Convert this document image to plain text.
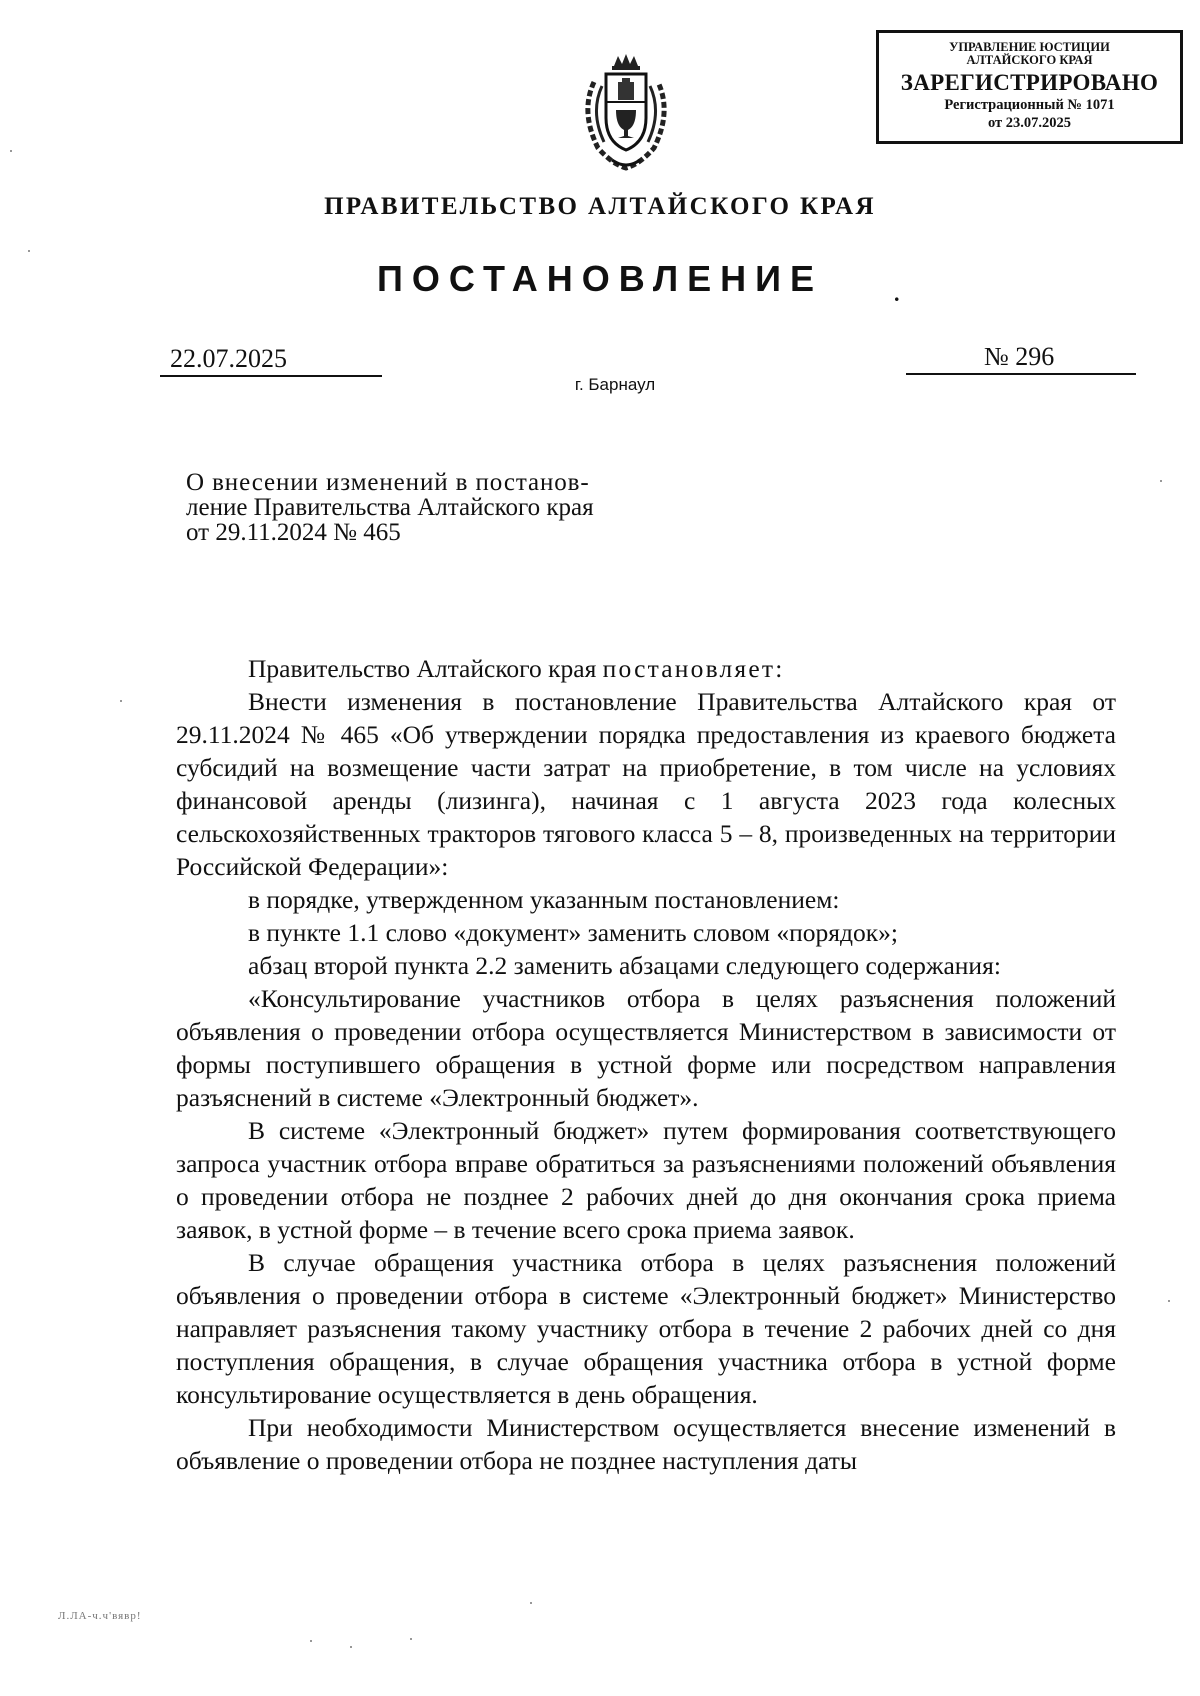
УПРАВЛЕНИЕ ЮСТИЦИИ
АЛТАЙСКОГО КРАЯ
ЗАРЕГИСТРИРОВАНО
Регистрационный № 1071
от 23.07.2025
ПРАВИТЕЛЬСТВО АЛТАЙСКОГО КРАЯ
ПОСТАНОВЛЕНИЕ	.
22.07.2025	№ 296
г. Барнаул
О внесении изменений в постанов-
ление Правительства Алтайского края
от 29.11.2024 № 465

Правительство Алтайского края постановляет:

Внести изменения в постановление Правительства Алтайского края от 29.11.2024 № 465 «Об утверждении порядка предоставления из краевого бюджета субсидий на возмещение части затрат на приобретение, в том числе на условиях финансовой аренды (лизинга), начиная с 1 августа 2023 года колесных сельскохозяйственных тракторов тягового класса 5 – 8, произведенных на территории Российской Федерации»:

в порядке, утвержденном указанным постановлением:

в пункте 1.1 слово «документ» заменить словом «порядок»;

абзац второй пункта 2.2 заменить абзацами следующего содержания:

«Консультирование участников отбора в целях разъяснения положений объявления о проведении отбора осуществляется Министерством в зависимости от формы поступившего обращения в устной форме или посредством направления разъяснений в системе «Электронный бюджет».

В системе «Электронный бюджет» путем формирования соответствующего запроса участник отбора вправе обратиться за разъяснениями положений объявления о проведении отбора не позднее 2 рабочих дней до дня окончания срока приема заявок, в устной форме – в течение всего срока приема заявок.

В случае обращения участника отбора в целях разъяснения положений объявления о проведении отбора в системе «Электронный бюджет» Министерство направляет разъяснения такому участнику отбора в течение 2 рабочих дней со дня поступления обращения, в случае обращения участника отбора в устной форме консультирование осуществляется в день обращения.

При необходимости Министерством осуществляется внесение изменений в объявление о проведении отбора не позднее наступления даты

Л.ЛА-ч.ч'вявр!
